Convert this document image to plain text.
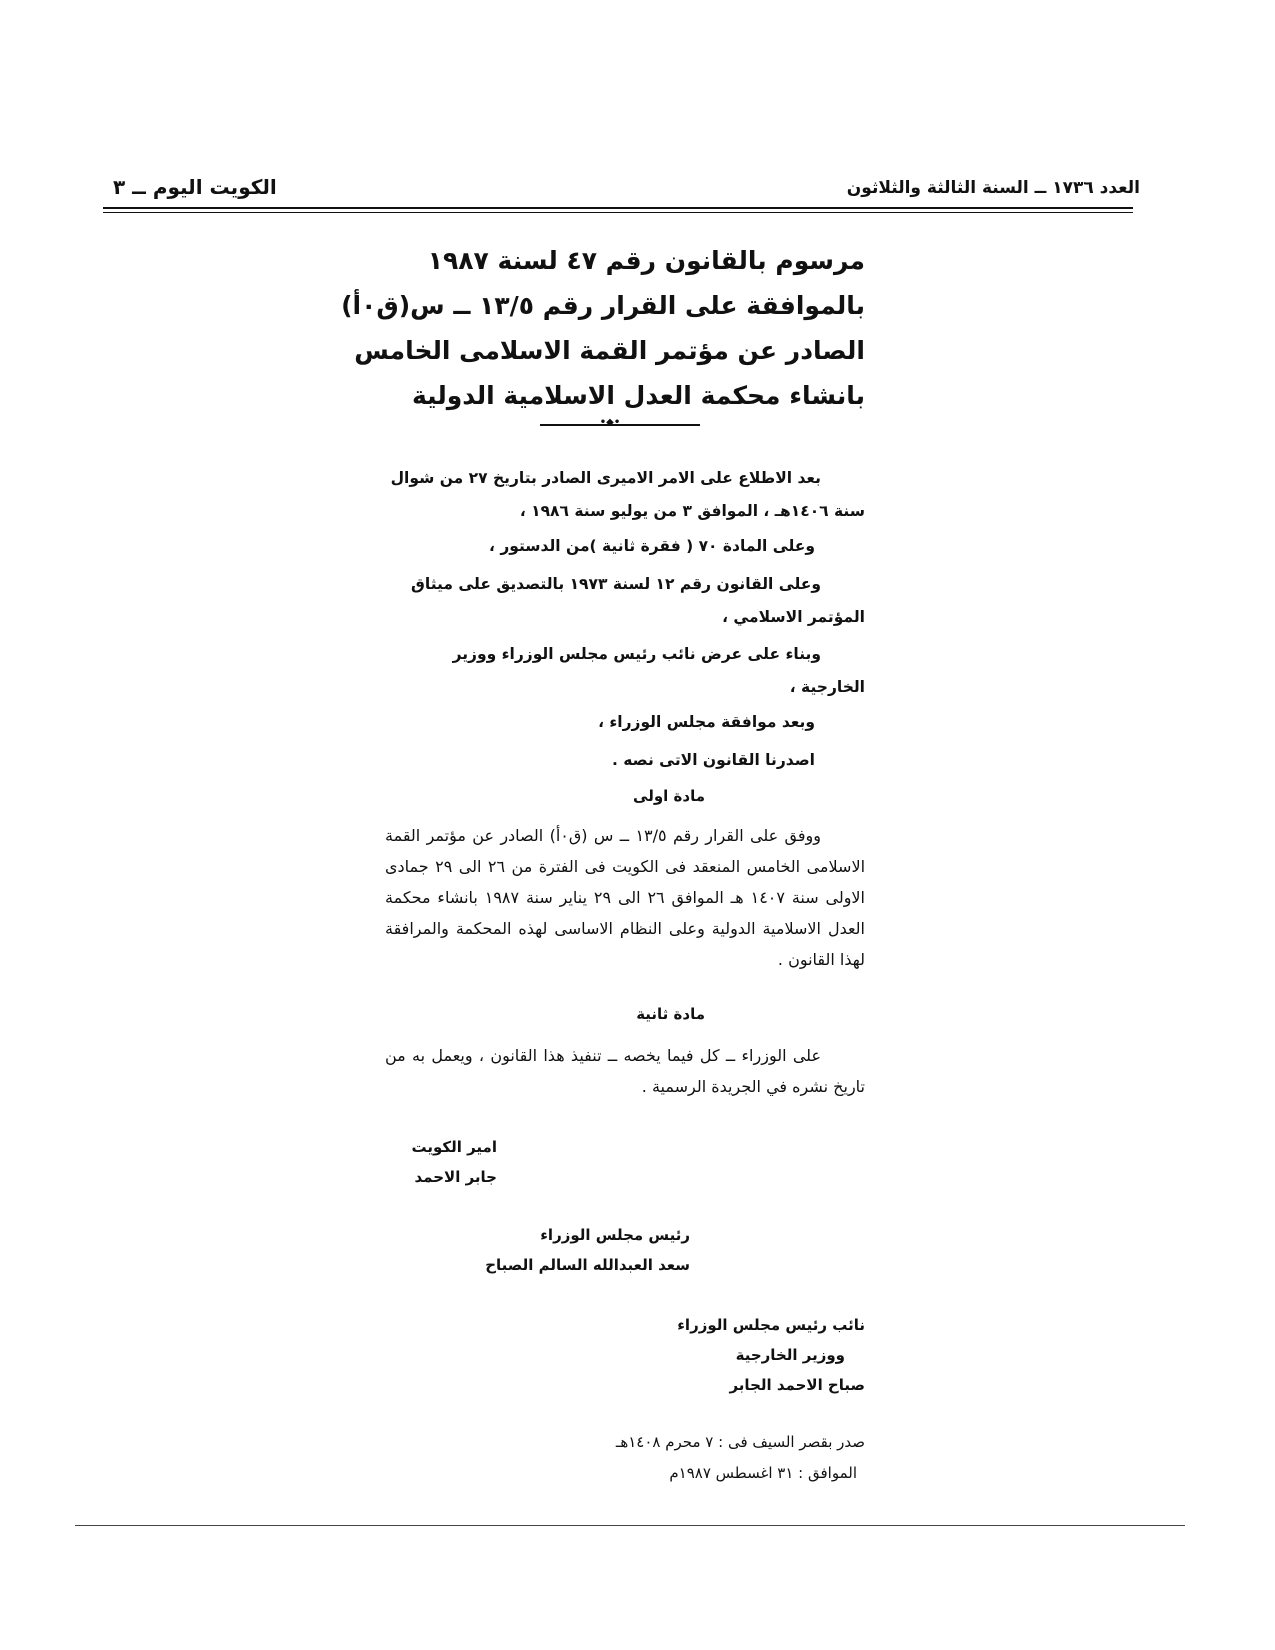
العدد ١٧٣٦ ــ السنة الثالثة والثلاثون
الكويت اليوم ــ ٣
مرسوم بالقانون رقم ٤٧ لسنة ١٩٨٧
بالموافقة على القرار رقم ١٣/٥ ــ س(ق٠أ)
الصادر عن مؤتمر القمة الاسلامى الخامس
بانشاء محكمة العدل الاسلامية الدولية
•◆•
بعد الاطلاع على الامر الاميرى الصادر بتاريخ ٢٧ من شوال سنة ١٤٠٦هـ ، الموافق ٣ من يوليو سنة ١٩٨٦ ،
وعلى المادة ٧٠ ( فقرة ثانية )من الدستور ،
وعلى القانون رقم ١٢ لسنة ١٩٧٣ بالتصديق على ميثاق المؤتمر الاسلامي ،
وبناء على عرض نائب رئيس مجلس الوزراء ووزير الخارجية ،
وبعد موافقة مجلس الوزراء ،
اصدرنا القانون الاتى نصه .
مادة اولى
ووفق على القرار رقم ١٣/٥ ــ س (ق٠أ) الصادر عن مؤتمر القمة الاسلامى الخامس المنعقد فى الكويت فى الفترة من ٢٦ الى ٢٩ جمادى الاولى سنة ١٤٠٧ هـ الموافق ٢٦ الى ٢٩ يناير سنة ١٩٨٧ بانشاء محكمة العدل الاسلامية الدولية وعلى النظام الاساسى لهذه المحكمة والمرافقة لهذا القانون .
مادة ثانية
على الوزراء ــ كل فيما يخصه ــ تنفيذ هذا القانون ، ويعمل به من تاريخ نشره في الجريدة الرسمية .
امير الكويت
جابر الاحمد
رئيس مجلس الوزراء
سعد العبدالله السالم الصباح
نائب رئيس مجلس الوزراء
ووزير الخارجية
صباح الاحمد الجابر
صدر بقصر السيف فى : ٧ محرم ١٤٠٨هـ
الموافق : ٣١ اغسطس ١٩٨٧م
